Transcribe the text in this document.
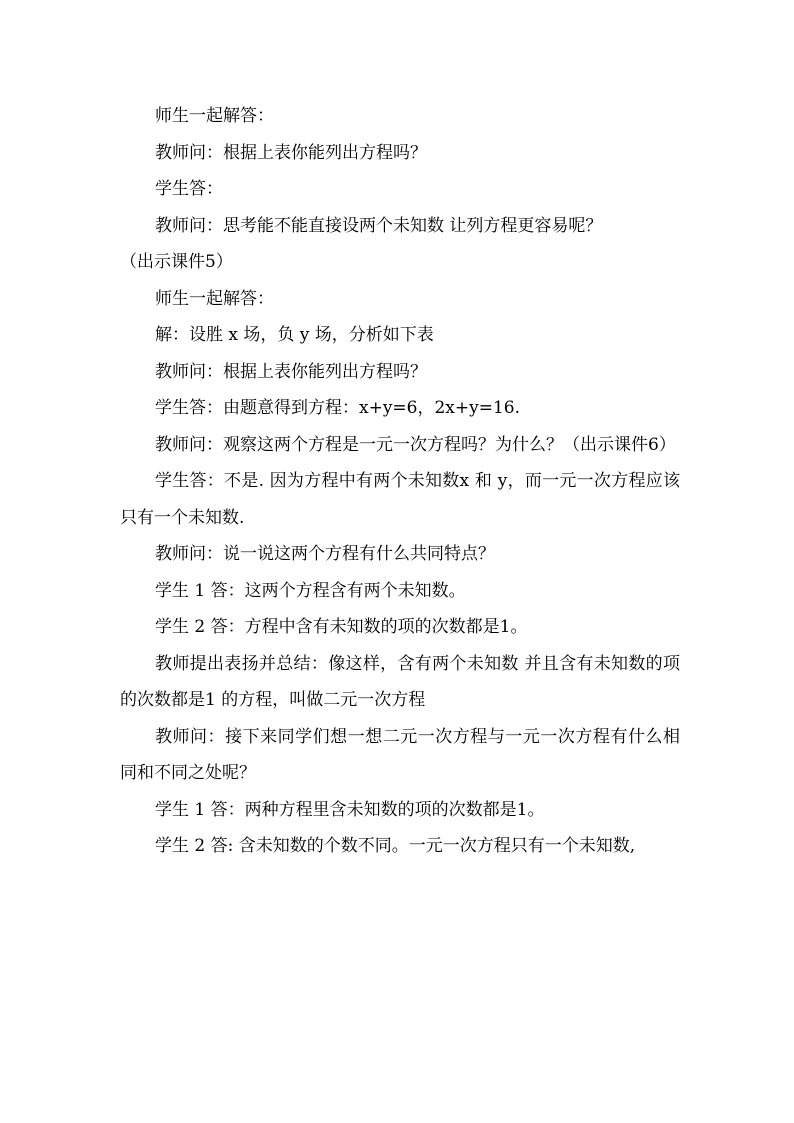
师生一起解答：

教师问：根据上表你能列出方程吗？

学生答：

教师问：思考能不能直接设两个未知数 让列方程更容易呢？

（出示课件5）

师生一起解答：

解：设胜 x 场，负 y 场，分析如下表

教师问：根据上表你能列出方程吗？

学生答：由题意得到方程：x+y=6，2x+y=16.

教师问：观察这两个方程是一元一次方程吗？为什么？（出示课件6）

学生答：不是. 因为方程中有两个未知数x 和 y，而一元一次方程应该只有一个未知数.

教师问：说一说这两个方程有什么共同特点？

学生 1 答：这两个方程含有两个未知数。

学生 2 答：方程中含有未知数的项的次数都是1。

教师提出表扬并总结：像这样，含有两个未知数 并且含有未知数的项的次数都是1 的方程，叫做二元一次方程

教师问：接下来同学们想一想二元一次方程与一元一次方程有什么相同和不同之处呢？

学生 1 答：两种方程里含未知数的项的次数都是1。

学生 2 答: 含未知数的个数不同。一元一次方程只有一个未知数,
